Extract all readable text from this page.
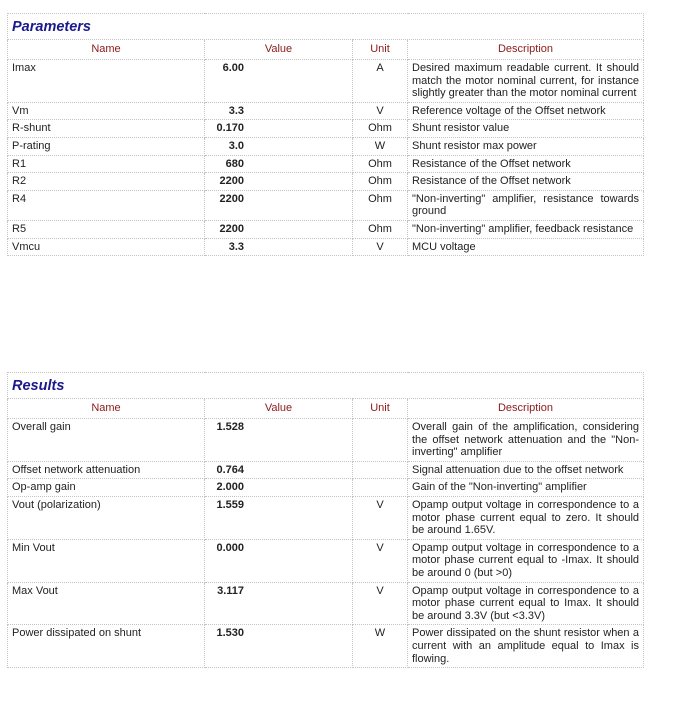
Parameters			
Name	Value	Unit	Description
Imax	6.00	A	Desired maximum readable current. It should match the motor nominal current, for instance slightly greater than the motor nominal current
Vm	3.3	V	Reference voltage of the Offset network
R-shunt	0.170	Ohm	Shunt resistor value
P-rating	3.0	W	Shunt resistor max power
R1	680	Ohm	Resistance of the Offset network
R2	2200	Ohm	Resistance of the Offset network
R4	2200	Ohm	"Non-inverting" amplifier, resistance towards ground
R5	2200	Ohm	"Non-inverting" amplifier, feedback resistance
Vmcu	3.3	V	MCU voltage
Results			
Name	Value	Unit	Description
Overall gain	1.528		Overall gain of the amplification, considering the offset network attenuation and the "Non-inverting" amplifier
Offset network attenuation	0.764		Signal attenuation due to the offset network
Op-amp gain	2.000		Gain of the "Non-inverting" amplifier
Vout (polarization)	1.559	V	Opamp output voltage in correspondence to a motor phase current equal to zero. It should be around 1.65V.
Min Vout	0.000	V	Opamp output voltage in correspondence to a motor phase current equal to -Imax. It should be around 0 (but >0)
Max Vout	3.117	V	Opamp output voltage in correspondence to a motor phase current equal to Imax. It should be around 3.3V (but <3.3V)
Power dissipated on shunt	1.530	W	Power dissipated on the shunt resistor when a current with an amplitude equal to Imax is flowing.
